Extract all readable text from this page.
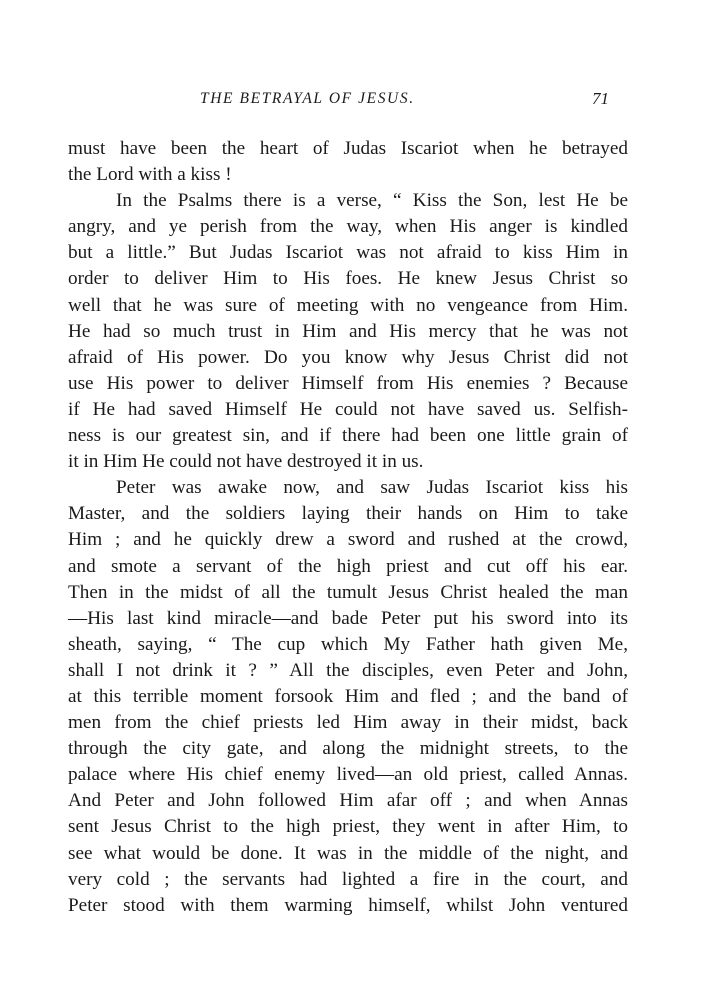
THE BETRAYAL OF JESUS.	71
must have been the heart of Judas Iscariot when he betrayed
the Lord with a kiss !
In the Psalms there is a verse, “ Kiss the Son, lest He be
angry, and ye perish from the way, when His anger is kindled
but a little.” But Judas Iscariot was not afraid to kiss Him in
order to deliver Him to His foes. He knew Jesus Christ so
well that he was sure of meeting with no vengeance from Him.
He had so much trust in Him and His mercy that he was not
afraid of His power. Do you know why Jesus Christ did not
use His power to deliver Himself from His enemies ? Because
if He had saved Himself He could not have saved us. Selfish-
ness is our greatest sin, and if there had been one little grain of
it in Him He could not have destroyed it in us.
Peter was awake now, and saw Judas Iscariot kiss his
Master, and the soldiers laying their hands on Him to take
Him ; and he quickly drew a sword and rushed at the crowd,
and smote a servant of the high priest and cut off his ear.
Then in the midst of all the tumult Jesus Christ healed the man
—His last kind miracle—and bade Peter put his sword into its
sheath, saying, “ The cup which My Father hath given Me,
shall I not drink it ? ” All the disciples, even Peter and John,
at this terrible moment forsook Him and fled ; and the band of
men from the chief priests led Him away in their midst, back
through the city gate, and along the midnight streets, to the
palace where His chief enemy lived—an old priest, called Annas.
And Peter and John followed Him afar off ; and when Annas
sent Jesus Christ to the high priest, they went in after Him, to
see what would be done. It was in the middle of the night, and
very cold ; the servants had lighted a fire in the court, and
Peter stood with them warming himself, whilst John ventured
